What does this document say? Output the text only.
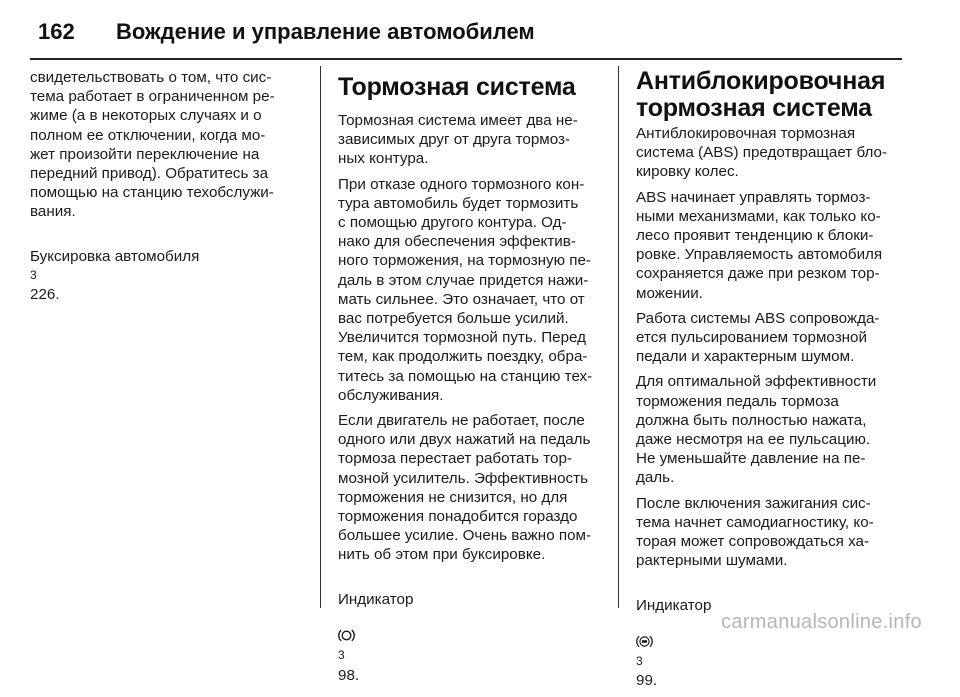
162	Вождение и управление автомобилем

свидетельствовать о том, что сис-
тема работает в ограниченном ре-
жиме (а в некоторых случаях и о
полном ее отключении, когда мо-
жет произойти переключение на
передний привод). Обратитесь за
помощью на станцию техобслужи-
вания.

Буксировка автомобиля
3
226.

Тормозная система

Тормозная система имеет два не-
зависимых друг от друга тормоз-
ных контура.

При отказе одного тормозного кон-
тура автомобиль будет тормозить
с помощью другого контура. Од-
нако для обеспечения эффектив-
ного торможения, на тормозную пе-
даль в этом случае придется нажи-
мать сильнее. Это означает, что от
вас потребуется больше усилий.
Увеличится тормозной путь. Перед
тем, как продолжить поездку, обра-
титесь за помощью на станцию тех-
обслуживания.

Если двигатель не работает, после
одного или двух нажатий на педаль
тормоза перестает работать тор-
мозной усилитель. Эффективность
торможения не снизится, но для
торможения понадобится гораздо
большее усилие. Очень важно пом-
нить об этом при буксировке.

Индикатор

3
98.

Антиблокировочная
тормозная система

Антиблокировочная тормозная
система (ABS) предотвращает бло-
кировку колес.

ABS начинает управлять тормоз-
ными механизмами, как только ко-
лесо проявит тенденцию к блоки-
ровке. Управляемость автомобиля
сохраняется даже при резком тор-
можении.

Работа системы ABS сопровожда-
ется пульсированием тормозной
педали и характерным шумом.

Для оптимальной эффективности
торможения педаль тормоза
должна быть полностью нажата,
даже несмотря на ее пульсацию.
Не уменьшайте давление на пе-
даль.

После включения зажигания сис-
тема начнет самодиагностику, ко-
торая может сопровождаться ха-
рактерными шумами.

Индикатор

3
99.

carmanualsonline.info
